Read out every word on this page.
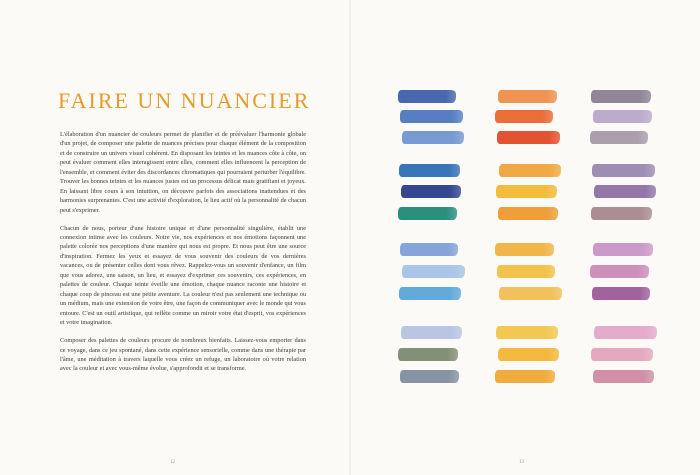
FAIRE UN NUANCIER

L'élaboration d'un nuancier de couleurs permet de planifier et de préévaluer l'harmonie globale d'un projet, de composer une palette de nuances précises pour chaque élément de la composition et de construire un univers visuel cohérent. En disposant les teintes et les nuances côte à côte, on peut évaluer comment elles interagissent entre elles, comment elles influencent la perception de l'ensemble, et comment éviter des discordances chromatiques qui pourraient perturber l'équilibre. Trouver les bonnes teintes et les nuances justes est un processus délicat mais gratifiant et joyeux. En laissant libre cours à son intuition, on découvre parfois des associations inattendues et des harmonies surprenantes. C'est une activité d'exploration, le lieu actif où la personnalité de chacun peut s'exprimer.

Chacun de nous, porteur d'une histoire unique et d'une personnalité singulière, établit une connexion intime avec les couleurs. Notre vie, nos expériences et nos émotions façonnent une palette colorée nos perceptions d'une manière qui nous est propre. Et nous peut être une source d'inspiration. Fermez les yeux et essayez de vous souvenir des couleurs de vos dernières vacances, ou de présenter celles dont vous rêvez. Rappelez-vous un souvenir d'enfance, un film que vous adorez, une saison, un lieu, et essayez d'exprimer ces souvenirs, ces expériences, en palettes de couleur. Chaque teinte éveille une émotion, chaque nuance raconte une histoire et chaque coup de pinceau est une petite aventure. La couleur n'est pas seulement une technique ou un médium, mais une extension de votre être, une façon de communiquer avec le monde qui vous entoure. C'est un outil artistique, qui reflète comme un miroir votre état d'esprit, vos expériences et votre imagination.

Composer des palettes de couleurs procure de nombreux bienfaits. Laissez-vous emporter dans ce voyage, dans ce jeu spontané, dans cette expérience sensorielle, comme dans une thérapie par l'âme, une méditation à travers laquelle vous créez un refuge, un laboratoire où votre relation avec la couleur et avec vous-même évolue, s'approfondit et se transforme.

12	13
